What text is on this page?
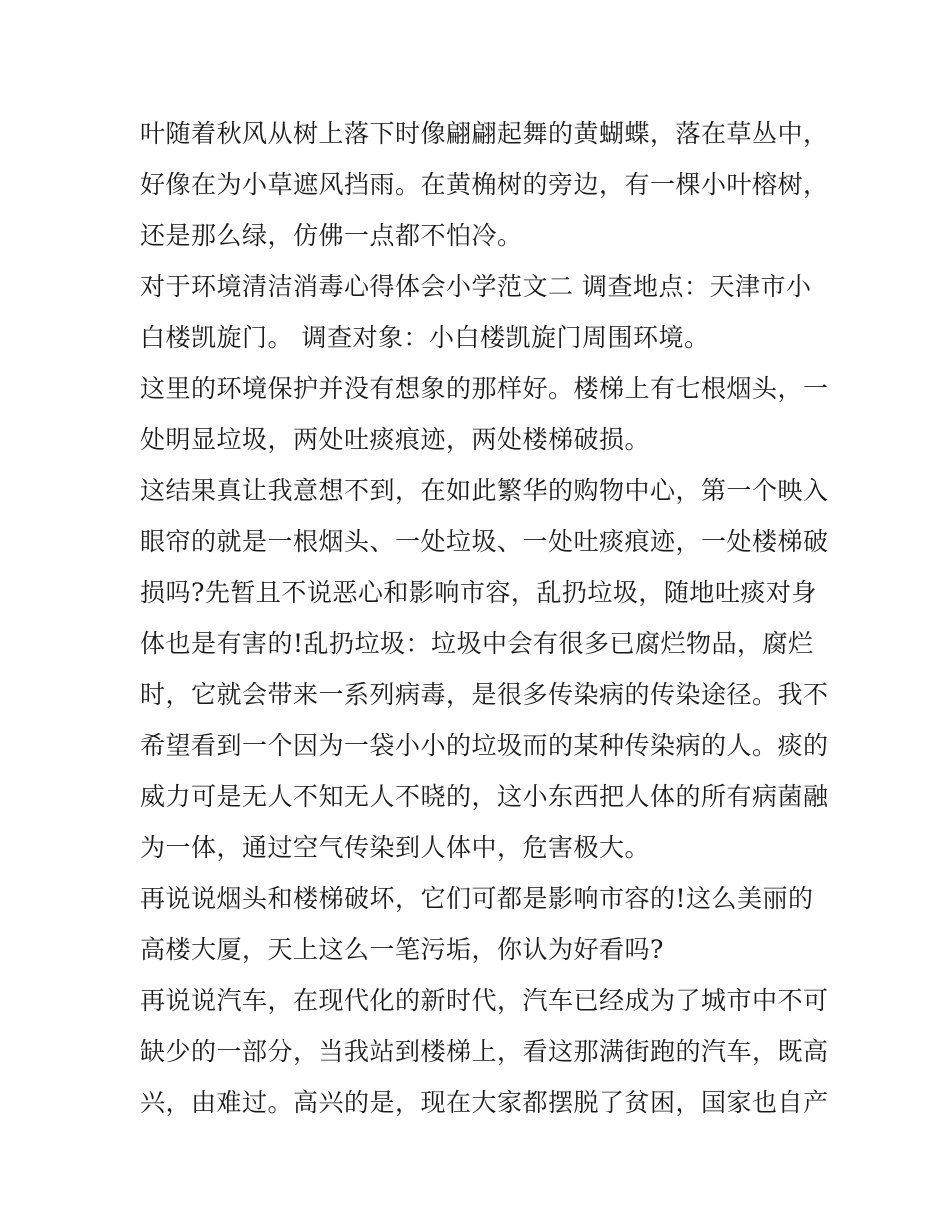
叶随着秋风从树上落下时像翩翩起舞的黄蝴蝶，落在草丛中，
好像在为小草遮风挡雨。在黄桷树的旁边，有一棵小叶榕树，
还是那么绿，仿佛一点都不怕冷。
对于环境清洁消毒心得体会小学范文二 调查地点：天津市小
白楼凯旋门。 调查对象：小白楼凯旋门周围环境。
这里的环境保护并没有想象的那样好。楼梯上有七根烟头，一
处明显垃圾，两处吐痰痕迹，两处楼梯破损。
这结果真让我意想不到，在如此繁华的购物中心，第一个映入
眼帘的就是一根烟头、一处垃圾、一处吐痰痕迹，一处楼梯破
损吗?先暂且不说恶心和影响市容，乱扔垃圾，随地吐痰对身
体也是有害的!乱扔垃圾：垃圾中会有很多已腐烂物品，腐烂
时，它就会带来一系列病毒，是很多传染病的传染途径。我不
希望看到一个因为一袋小小的垃圾而的某种传染病的人。痰的
威力可是无人不知无人不晓的，这小东西把人体的所有病菌融
为一体，通过空气传染到人体中，危害极大。
再说说烟头和楼梯破坏，它们可都是影响市容的!这么美丽的
高楼大厦，天上这么一笔污垢，你认为好看吗?
再说说汽车，在现代化的新时代，汽车已经成为了城市中不可
缺少的一部分，当我站到楼梯上，看这那满街跑的汽车，既高
兴，由难过。高兴的是，现在大家都摆脱了贫困，国家也自产
